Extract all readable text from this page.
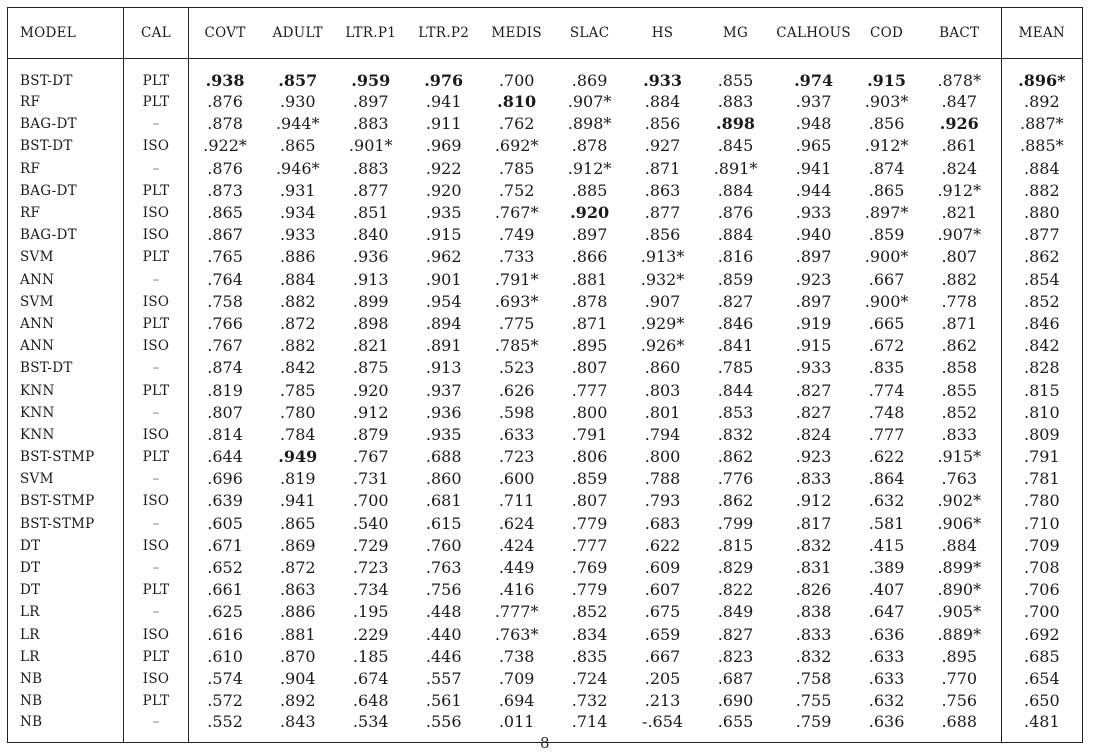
MODEL	CAL	COVT	ADULT	LTR.P1	LTR.P2	MEDIS	SLAC	HS	MG	CALHOUS	COD	BACT	MEAN
BST-DT	PLT	.938	.857	.959	.976	.700	.869	.933	.855	.974	.915	.878*	.896*
RF	PLT	.876	.930	.897	.941	.810	.907*	.884	.883	.937	.903*	.847	.892
BAG-DT	–	.878	.944*	.883	.911	.762	.898*	.856	.898	.948	.856	.926	.887*
BST-DT	ISO	.922*	.865	.901*	.969	.692*	.878	.927	.845	.965	.912*	.861	.885*
RF	–	.876	.946*	.883	.922	.785	.912*	.871	.891*	.941	.874	.824	.884
BAG-DT	PLT	.873	.931	.877	.920	.752	.885	.863	.884	.944	.865	.912*	.882
RF	ISO	.865	.934	.851	.935	.767*	.920	.877	.876	.933	.897*	.821	.880
BAG-DT	ISO	.867	.933	.840	.915	.749	.897	.856	.884	.940	.859	.907*	.877
SVM	PLT	.765	.886	.936	.962	.733	.866	.913*	.816	.897	.900*	.807	.862
ANN	–	.764	.884	.913	.901	.791*	.881	.932*	.859	.923	.667	.882	.854
SVM	ISO	.758	.882	.899	.954	.693*	.878	.907	.827	.897	.900*	.778	.852
ANN	PLT	.766	.872	.898	.894	.775	.871	.929*	.846	.919	.665	.871	.846
ANN	ISO	.767	.882	.821	.891	.785*	.895	.926*	.841	.915	.672	.862	.842
BST-DT	–	.874	.842	.875	.913	.523	.807	.860	.785	.933	.835	.858	.828
KNN	PLT	.819	.785	.920	.937	.626	.777	.803	.844	.827	.774	.855	.815
KNN	–	.807	.780	.912	.936	.598	.800	.801	.853	.827	.748	.852	.810
KNN	ISO	.814	.784	.879	.935	.633	.791	.794	.832	.824	.777	.833	.809
BST-STMP	PLT	.644	.949	.767	.688	.723	.806	.800	.862	.923	.622	.915*	.791
SVM	–	.696	.819	.731	.860	.600	.859	.788	.776	.833	.864	.763	.781
BST-STMP	ISO	.639	.941	.700	.681	.711	.807	.793	.862	.912	.632	.902*	.780
BST-STMP	–	.605	.865	.540	.615	.624	.779	.683	.799	.817	.581	.906*	.710
DT	ISO	.671	.869	.729	.760	.424	.777	.622	.815	.832	.415	.884	.709
DT	–	.652	.872	.723	.763	.449	.769	.609	.829	.831	.389	.899*	.708
DT	PLT	.661	.863	.734	.756	.416	.779	.607	.822	.826	.407	.890*	.706
LR	–	.625	.886	.195	.448	.777*	.852	.675	.849	.838	.647	.905*	.700
LR	ISO	.616	.881	.229	.440	.763*	.834	.659	.827	.833	.636	.889*	.692
LR	PLT	.610	.870	.185	.446	.738	.835	.667	.823	.832	.633	.895	.685
NB	ISO	.574	.904	.674	.557	.709	.724	.205	.687	.758	.633	.770	.654
NB	PLT	.572	.892	.648	.561	.694	.732	.213	.690	.755	.632	.756	.650
NB	–	.552	.843	.534	.556	.011	.714	-.654	.655	.759	.636	.688	.481
8
